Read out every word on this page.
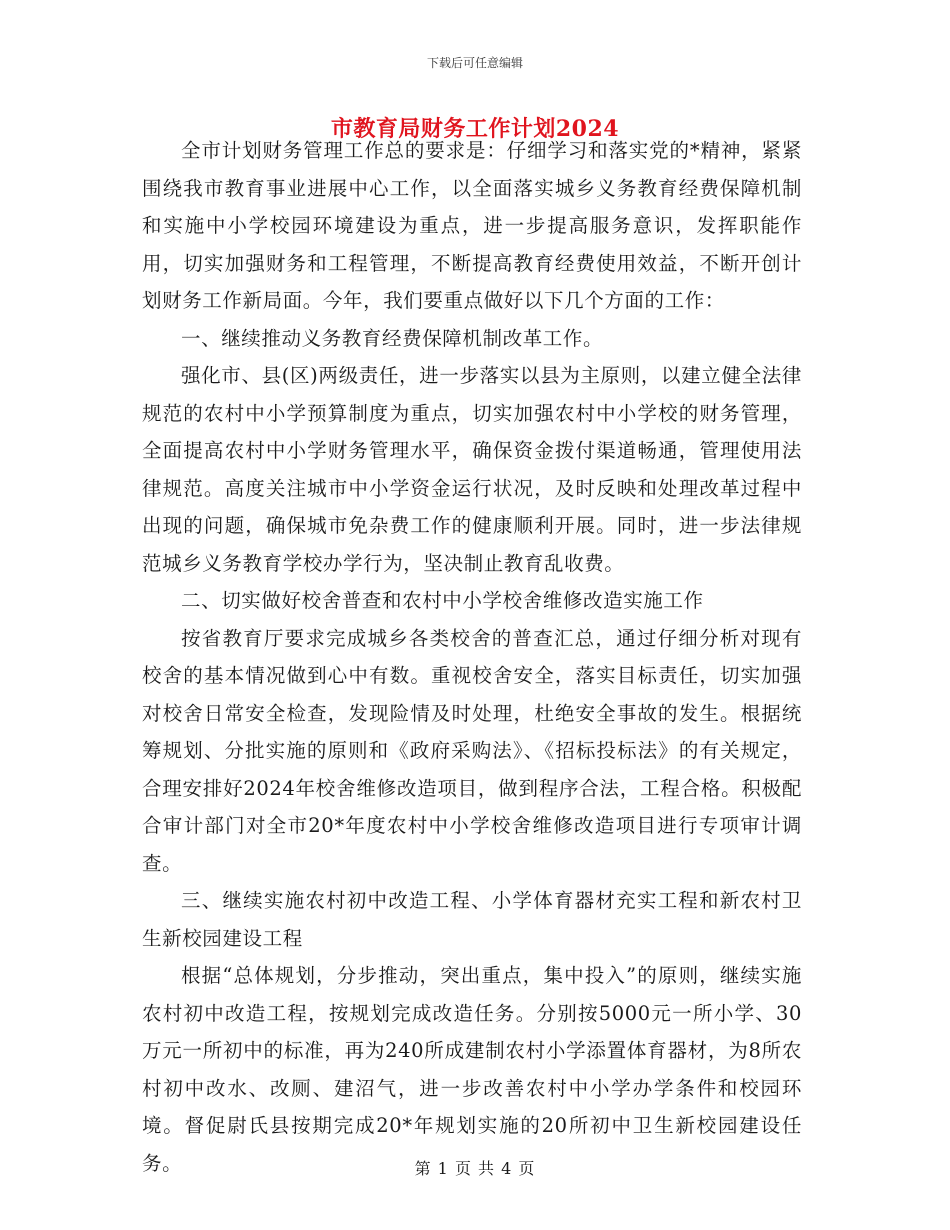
下载后可任意编辑
市教育局财务工作计划2024

全市计划财务管理工作总的要求是：仔细学习和落实党的*精神，紧紧围绕我市教育事业进展中心工作，以全面落实城乡义务教育经费保障机制和实施中小学校园环境建设为重点，进一步提高服务意识，发挥职能作用，切实加强财务和工程管理，不断提高教育经费使用效益，不断开创计划财务工作新局面。今年，我们要重点做好以下几个方面的工作：

一、继续推动义务教育经费保障机制改革工作。

强化市、县(区)两级责任，进一步落实以县为主原则，以建立健全法律规范的农村中小学预算制度为重点，切实加强农村中小学校的财务管理，全面提高农村中小学财务管理水平，确保资金拨付渠道畅通，管理使用法律规范。高度关注城市中小学资金运行状况，及时反映和处理改革过程中出现的问题，确保城市免杂费工作的健康顺利开展。同时，进一步法律规范城乡义务教育学校办学行为，坚决制止教育乱收费。

二、切实做好校舍普查和农村中小学校舍维修改造实施工作

按省教育厅要求完成城乡各类校舍的普查汇总，通过仔细分析对现有校舍的基本情况做到心中有数。重视校舍安全，落实目标责任，切实加强对校舍日常安全检查，发现险情及时处理，杜绝安全事故的发生。根据统筹规划、分批实施的原则和《政府采购法》、《招标投标法》的有关规定，合理安排好2024年校舍维修改造项目，做到程序合法，工程合格。积极配合审计部门对全市20*年度农村中小学校舍维修改造项目进行专项审计调查。

三、继续实施农村初中改造工程、小学体育器材充实工程和新农村卫生新校园建设工程

根据“总体规划，分步推动，突出重点，集中投入”的原则，继续实施农村初中改造工程，按规划完成改造任务。分别按5000元一所小学、30万元一所初中的标准，再为240所成建制农村小学添置体育器材，为8所农村初中改水、改厕、建沼气，进一步改善农村中小学办学条件和校园环境。督促尉氏县按期完成20*年规划实施的20所初中卫生新校园建设任务。	第 1 页 共 4 页
